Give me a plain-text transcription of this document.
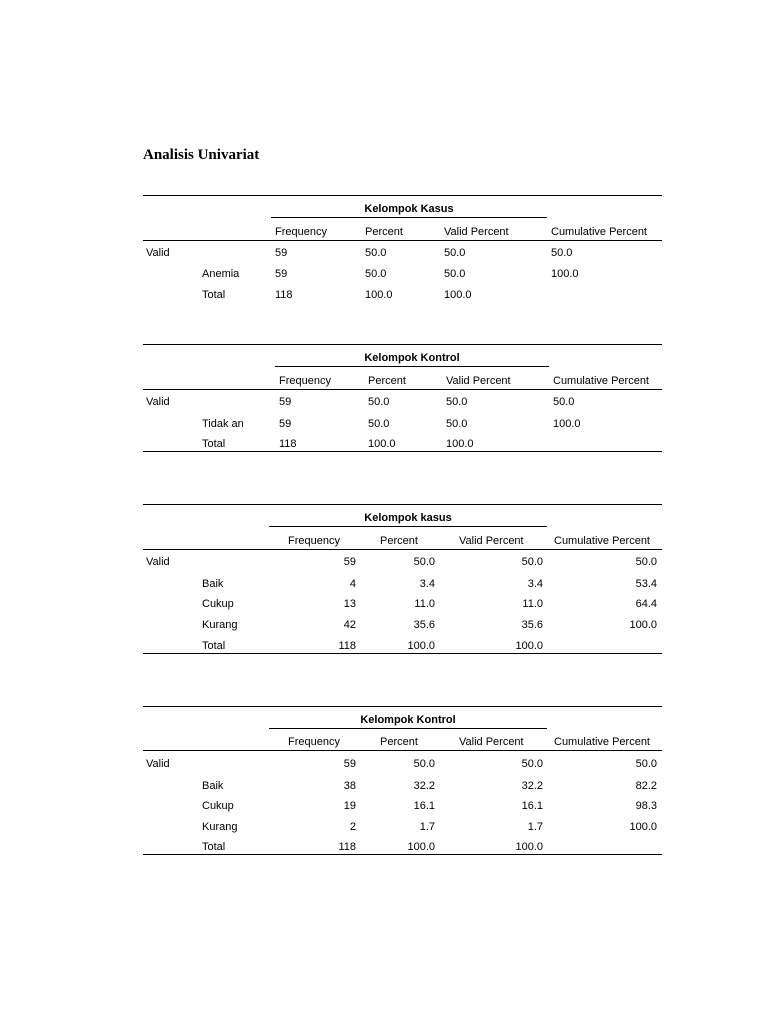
Analisis Univariat
Kelompok Kasus
Frequency	Percent	Valid Percent	Cumulative Percent
Valid	59	50.0	50.0	50.0
Anemia	59	50.0	50.0	100.0
Total	118	100.0	100.0
Kelompok Kontrol
Frequency	Percent	Valid Percent	Cumulative Percent
Valid	59	50.0	50.0	50.0
Tidak an	59	50.0	50.0	100.0
Total	118	100.0	100.0
Kelompok kasus
Frequency	Percent	Valid Percent	Cumulative Percent
Valid	59	50.0	50.0	50.0
Baik	4	3.4	3.4	53.4
Cukup	13	11.0	11.0	64.4
Kurang	42	35.6	35.6	100.0
Total	118	100.0	100.0
Kelompok Kontrol
Frequency	Percent	Valid Percent	Cumulative Percent
Valid	59	50.0	50.0	50.0
Baik	38	32.2	32.2	82.2
Cukup	19	16.1	16.1	98.3
Kurang	2	1.7	1.7	100.0
Total	118	100.0	100.0
